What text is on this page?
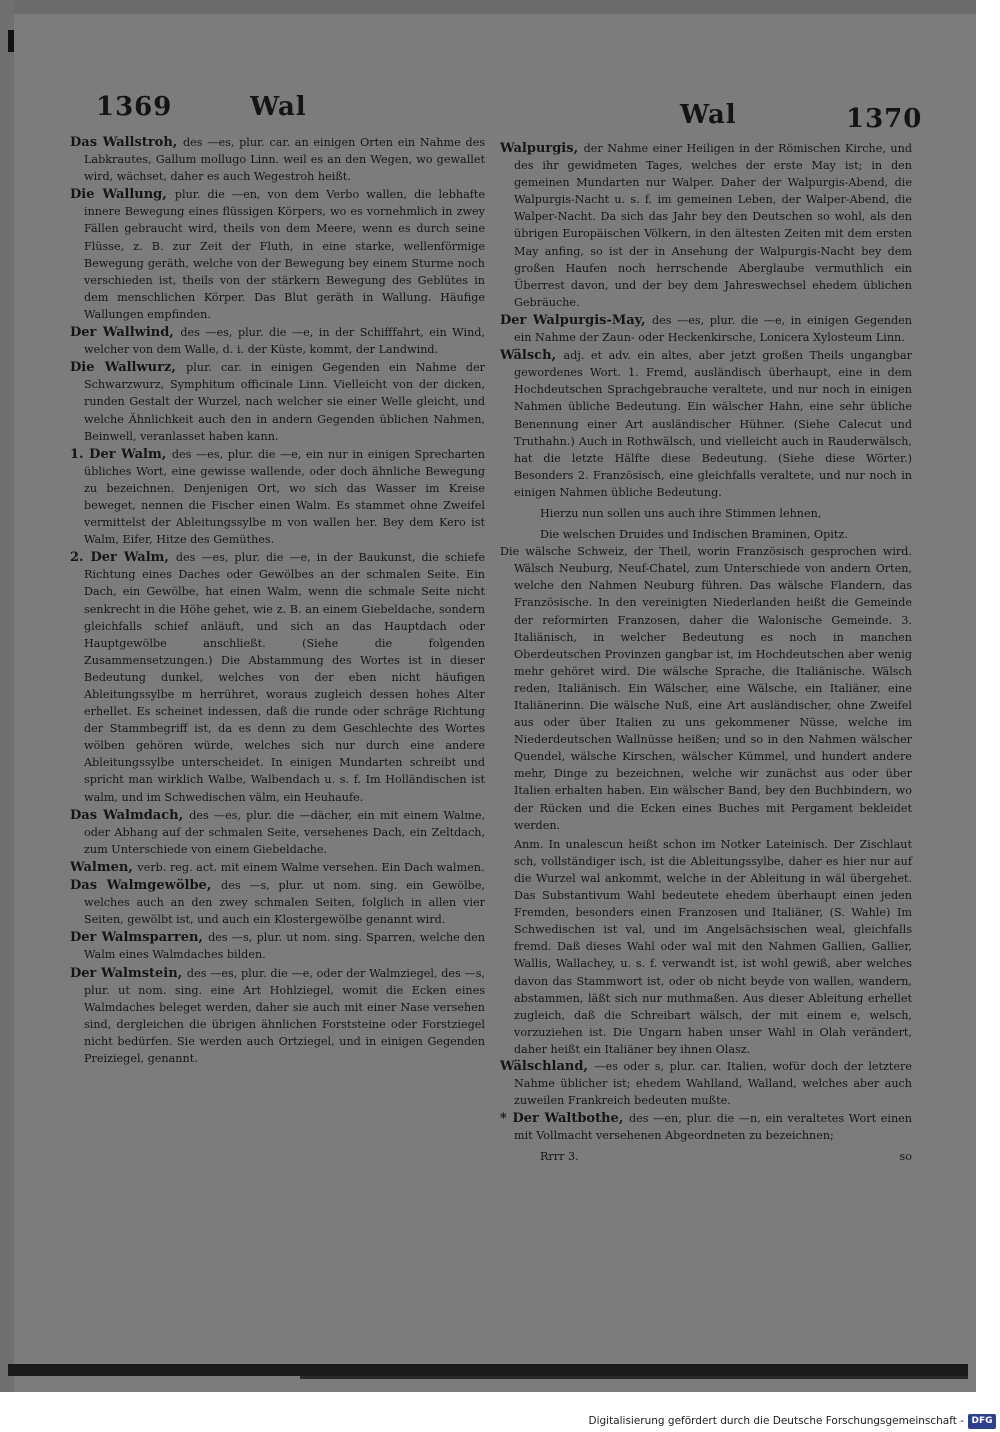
1369	Wal	Wal	1370
Das Wallstroh, des —es, plur. car. an einigen Orten ein Nahme des Labkrautes, Gallum mollugo Linn. weil es an den Wegen, wo gewallet wird, wächset, daher es auch Wegestroh heißt.
Die Wallung, plur. die —en, von dem Verbo wallen, die lebhafte innere Bewegung eines flüssigen Körpers, wo es vornehmlich in zwey Fällen gebraucht wird, theils von dem Meere, wenn es durch seine Flüsse, z. B. zur Zeit der Fluth, in eine starke, wellenförmige Bewegung geräth, welche von der Bewegung bey einem Sturme noch verschieden ist, theils von der stärkern Bewegung des Geblütes in dem menschlichen Körper. Das Blut geräth in Wallung. Häufige Wallungen empfinden.
Der Wallwind, des —es, plur. die —e, in der Schifffahrt, ein Wind, welcher von dem Walle, d. i. der Küste, kommt, der Landwind.
Die Wallwurz, plur. car. in einigen Gegenden ein Nahme der Schwarzwurz, Symphitum officinale Linn. Vielleicht von der dicken, runden Gestalt der Wurzel, nach welcher sie einer Welle gleicht, und welche Ähnlichkeit auch den in andern Gegenden üblichen Nahmen, Beinwell, veranlasset haben kann.
1. Der Walm, des —es, plur. die —e, ein nur in einigen Sprecharten übliches Wort, eine gewisse wallende, oder doch ähnliche Bewegung zu bezeichnen. Denjenigen Ort, wo sich das Wasser im Kreise beweget, nennen die Fischer einen Walm. Es stammet ohne Zweifel vermittelst der Ableitungssylbe m von wallen her. Bey dem Kero ist Walm, Eifer, Hitze des Gemüthes.
2. Der Walm, des —es, plur. die —e, in der Baukunst, die schiefe Richtung eines Daches oder Gewölbes an der schmalen Seite. Ein Dach, ein Gewölbe, hat einen Walm, wenn die schmale Seite nicht senkrecht in die Höhe gehet, wie z. B. an einem Giebeldache, sondern gleichfalls schief anläuft, und sich an das Hauptdach oder Hauptgewölbe anschließt. (Siehe die folgenden Zusammensetzungen.) Die Abstammung des Wortes ist in dieser Bedeutung dunkel, welches von der eben nicht häufigen Ableitungssylbe m herrühret, woraus zugleich dessen hohes Alter erhellet. Es scheinet indessen, daß die runde oder schräge Richtung der Stammbegriff ist, da es denn zu dem Geschlechte des Wortes wölben gehören würde, welches sich nur durch eine andere Ableitungssylbe unterscheidet. In einigen Mundarten schreibt und spricht man wirklich Walbe, Walbendach u. s. f. Im Holländischen ist walm, und im Schwedischen välm, ein Heuhaufe.
Das Walmdach, des —es, plur. die —dächer, ein mit einem Walme, oder Abhang auf der schmalen Seite, versehenes Dach, ein Zeltdach, zum Unterschiede von einem Giebeldache.
Walmen, verb. reg. act. mit einem Walme versehen. Ein Dach walmen.
Das Walmgewölbe, des —s, plur. ut nom. sing. ein Gewölbe, welches auch an den zwey schmalen Seiten, folglich in allen vier Seiten, gewölbt ist, und auch ein Klostergewölbe genannt wird.
Der Walmsparren, des —s, plur. ut nom. sing. Sparren, welche den Walm eines Walmdaches bilden.
Der Walmstein, des —es, plur. die —e, oder der Walmziegel, des —s, plur. ut nom. sing. eine Art Hohlziegel, womit die Ecken eines Walmdaches beleget werden, daher sie auch mit einer Nase versehen sind, dergleichen die übrigen ähnlichen Forststeine oder Forstziegel nicht bedürfen. Sie werden auch Ortziegel, und in einigen Gegenden Preiziegel, genannt.
Walpurgis, der Nahme einer Heiligen in der Römischen Kirche, und des ihr gewidmeten Tages, welches der erste May ist; in den gemeinen Mundarten nur Walper. Daher der Walpurgis-Abend, die Walpurgis-Nacht u. s. f. im gemeinen Leben, der Walper-Abend, die Walper-Nacht. Da sich das Jahr bey den Deutschen so wohl, als den übrigen Europäischen Völkern, in den ältesten Zeiten mit dem ersten May anfing, so ist der in Ansehung der Walpurgis-Nacht bey dem großen Haufen noch herrschende Aberglaube vermuthlich ein Überrest davon, und der bey dem Jahreswechsel ehedem üblichen Gebräuche.
Der Walpurgis-May, des —es, plur. die —e, in einigen Gegenden ein Nahme der Zaun- oder Heckenkirsche, Lonicera Xylosteum Linn.
Wälsch, adj. et adv. ein altes, aber jetzt großen Theils ungangbar gewordenes Wort. 1. Fremd, ausländisch überhaupt, eine in dem Hochdeutschen Sprachgebrauche veraltete, und nur noch in einigen Nahmen übliche Bedeutung. Ein wälscher Hahn, eine sehr übliche Benennung einer Art ausländischer Hühner. (Siehe Calecut und Truthahn.) Auch in Rothwälsch, und vielleicht auch in Rauderwälsch, hat die letzte Hälfte diese Bedeutung. (Siehe diese Wörter.) Besonders 2. Französisch, eine gleichfalls veraltete, und nur noch in einigen Nahmen übliche Bedeutung.
Hierzu nun sollen uns auch ihre Stimmen lehnen,
Die welschen Druides und Indischen Braminen, Opitz.
Die wälsche Schweiz, der Theil, worin Französisch gesprochen wird. Wälsch Neuburg, Neuf-Chatel, zum Unterschiede von andern Orten, welche den Nahmen Neuburg führen. Das wälsche Flandern, das Französische. In den vereinigten Niederlanden heißt die Gemeinde der reformirten Franzosen, daher die Walonische Gemeinde. 3. Italiänisch, in welcher Bedeutung es noch in manchen Oberdeutschen Provinzen gangbar ist, im Hochdeutschen aber wenig mehr gehöret wird. Die wälsche Sprache, die Italiänische. Wälsch reden, Italiänisch. Ein Wälscher, eine Wälsche, ein Italiäner, eine Italiänerinn. Die wälsche Nuß, eine Art ausländischer, ohne Zweifel aus oder über Italien zu uns gekommener Nüsse, welche im Niederdeutschen Wallnüsse heißen; und so in den Nahmen wälscher Quendel, wälsche Kirschen, wälscher Kümmel, und hundert andere mehr, Dinge zu bezeichnen, welche wir zunächst aus oder über Italien erhalten haben. Ein wälscher Band, bey den Buchbindern, wo der Rücken und die Ecken eines Buches mit Pergament bekleidet werden.
Anm. In unalescun heißt schon im Notker Lateinisch. Der Zischlaut sch, vollständiger isch, ist die Ableitungssylbe, daher es hier nur auf die Wurzel wal ankommt, welche in der Ableitung in wäl übergehet. Das Substantivum Wahl bedeutete ehedem überhaupt einen jeden Fremden, besonders einen Franzosen und Italiäner, (S. Wahle) Im Schwedischen ist val, und im Angelsächsischen weal, gleichfalls fremd. Daß dieses Wahl oder wal mit den Nahmen Gallien, Gallier, Wallis, Wallachey, u. s. f. verwandt ist, ist wohl gewiß, aber welches davon das Stammwort ist, oder ob nicht beyde von wallen, wandern, abstammen, läßt sich nur muthmaßen. Aus dieser Ableitung erhellet zugleich, daß die Schreibart wälsch, der mit einem e, welsch, vorzuziehen ist. Die Ungarn haben unser Wahl in Olah verändert, daher heißt ein Italiäner bey ihnen Olasz.
Wälschland, —es oder s, plur. car. Italien, wofür doch der letztere Nahme üblicher ist; ehedem Wahlland, Walland, welches aber auch zuweilen Frankreich bedeuten mußte.
* Der Waltbothe, des —en, plur. die —n, ein veraltetes Wort einen mit Vollmacht versehenen Abgeordneten zu bezeichnen;
Rrrr 3.	so
Digitalisierung gefördert durch die Deutsche Forschungsgemeinschaft - DFG
